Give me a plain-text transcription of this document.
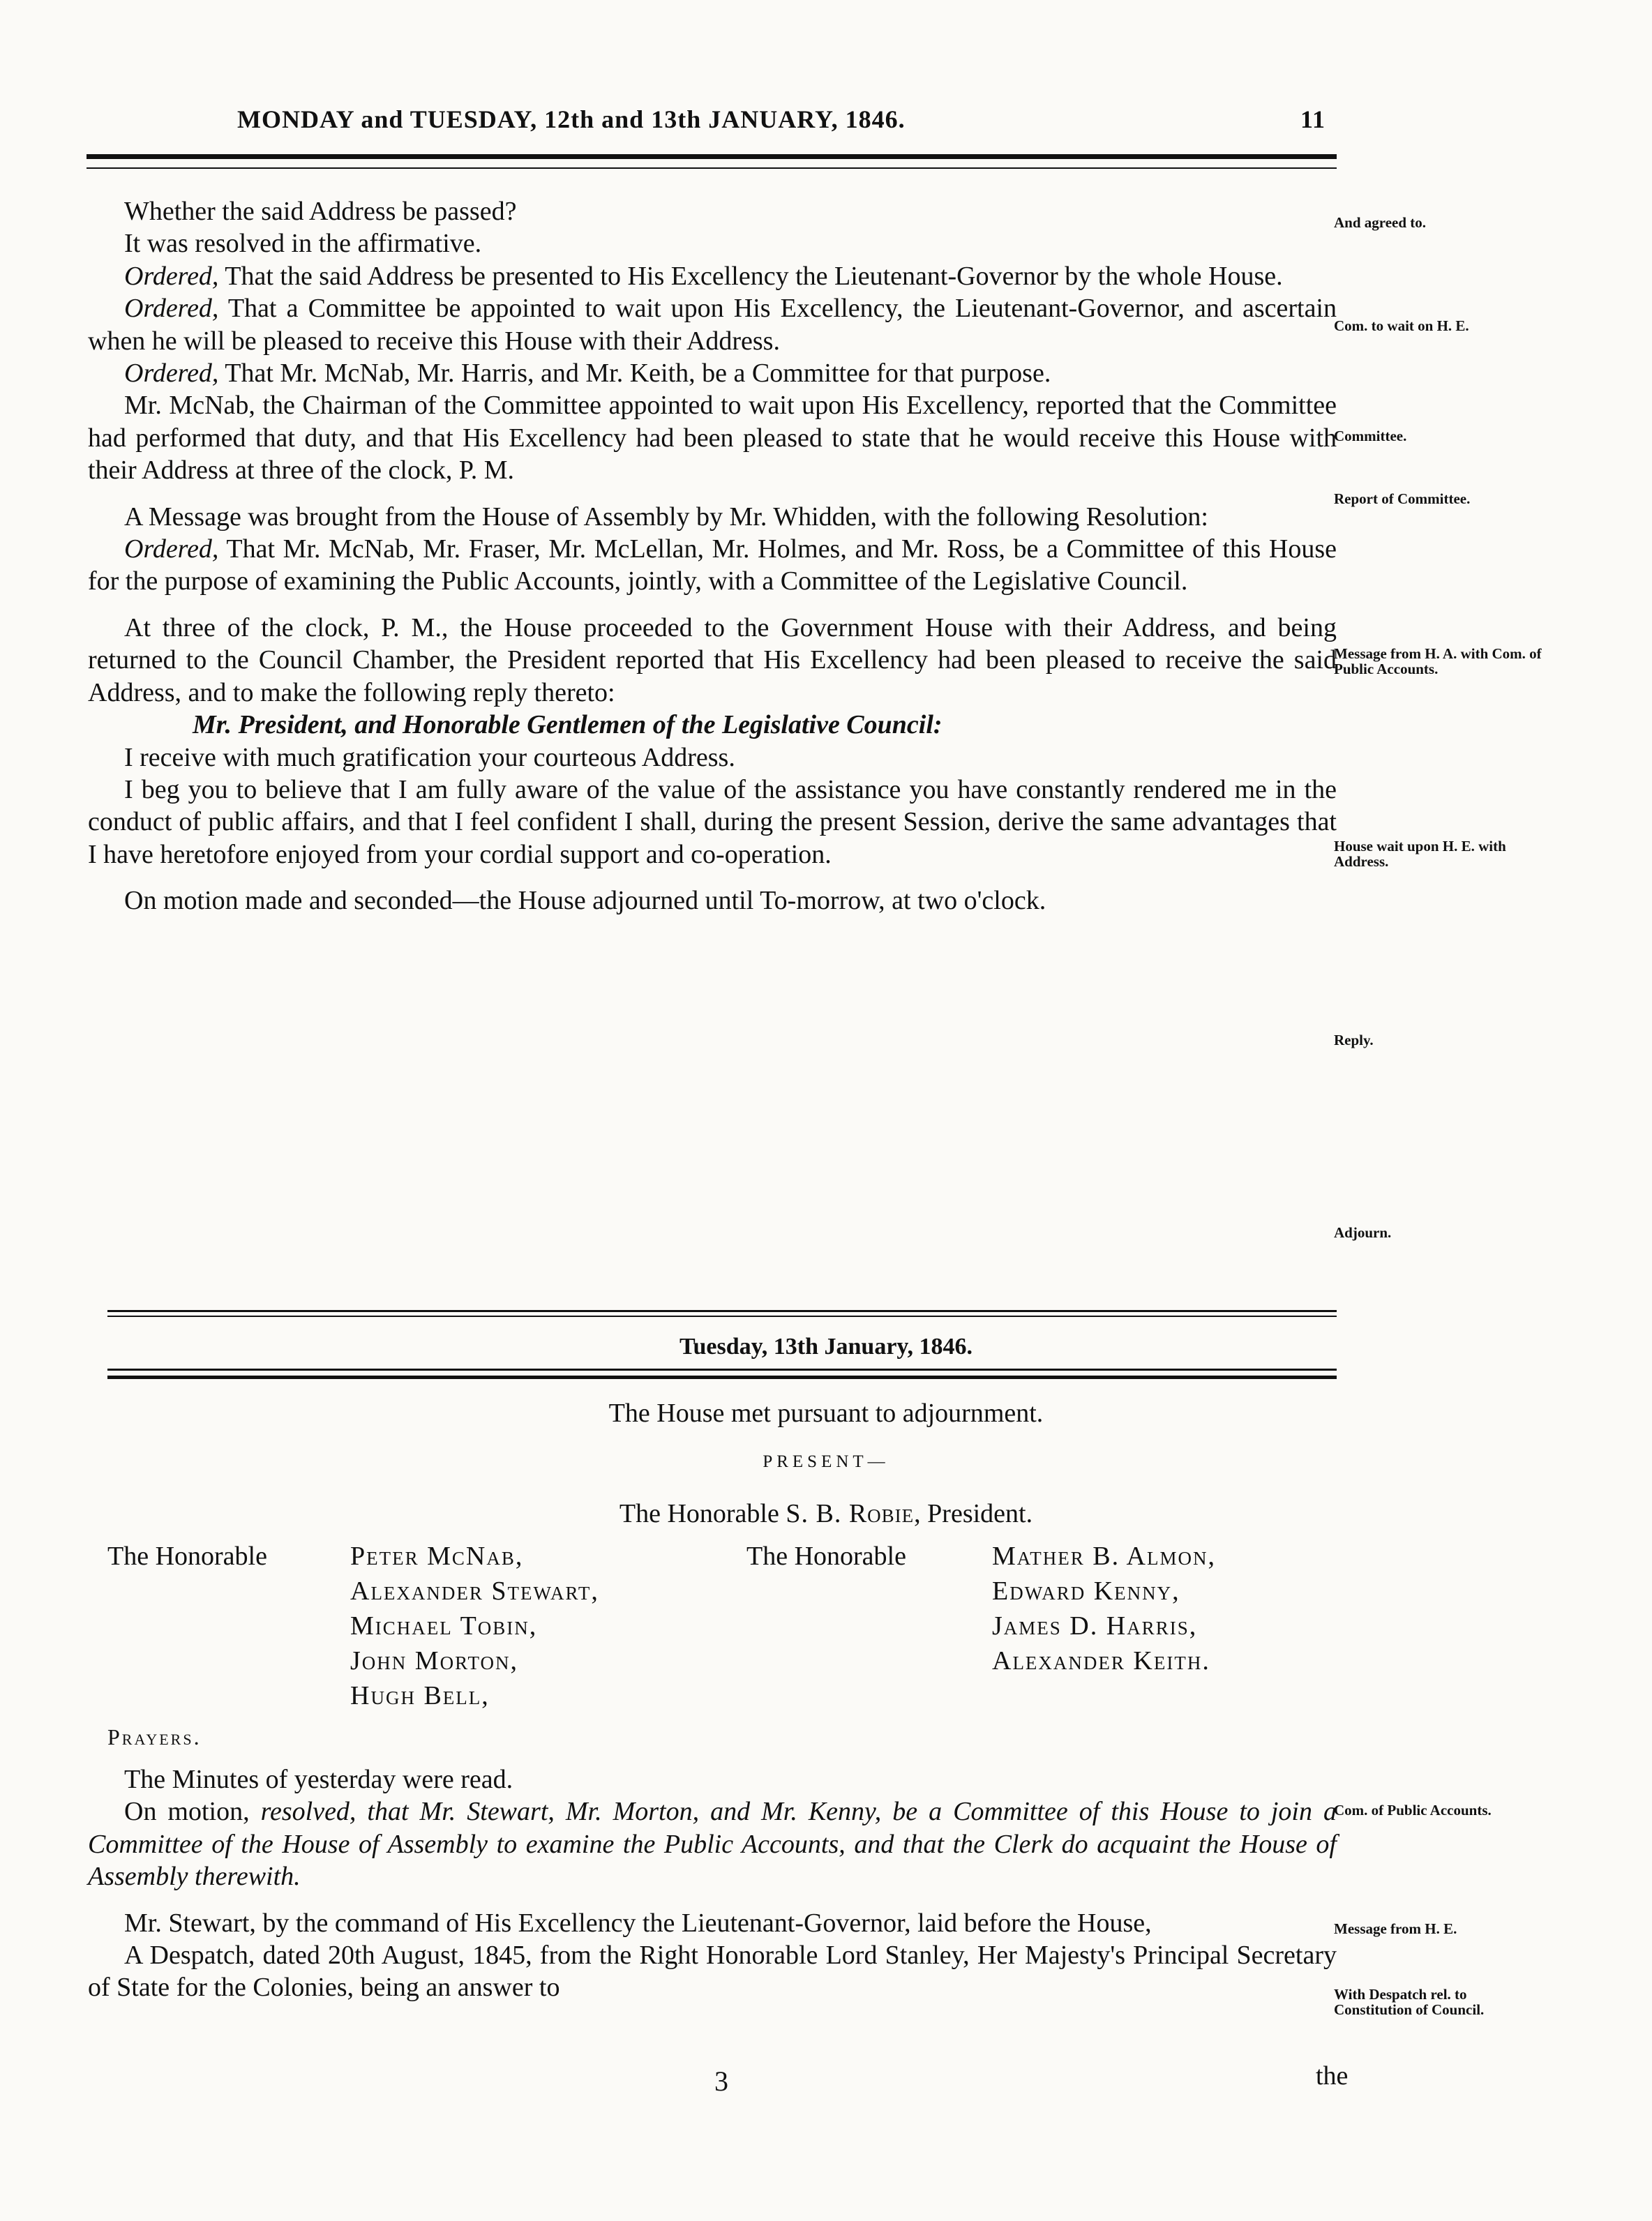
MONDAY and TUESDAY, 12th and 13th JANUARY, 1846.	11

Whether the said Address be passed?

It was resolved in the affirmative.

Ordered, That the said Address be presented to His Excellency the Lieutenant-Governor by the whole House.

Ordered, That a Committee be appointed to wait upon His Excellency, the Lieutenant-Governor, and ascertain when he will be pleased to receive this House with their Address.

Ordered, That Mr. McNab, Mr. Harris, and Mr. Keith, be a Committee for that purpose.

Mr. McNab, the Chairman of the Committee appointed to wait upon His Excellency, reported that the Committee had performed that duty, and that His Excellency had been pleased to state that he would receive this House with their Address at three of the clock, P. M.

A Message was brought from the House of Assembly by Mr. Whidden, with the following Resolution:

Ordered, That Mr. McNab, Mr. Fraser, Mr. McLellan, Mr. Holmes, and Mr. Ross, be a Committee of this House for the purpose of examining the Public Accounts, jointly, with a Committee of the Legislative Council.

At three of the clock, P. M., the House proceeded to the Government House with their Address, and being returned to the Council Chamber, the President reported that His Excellency had been pleased to receive the said Address, and to make the following reply thereto:

Mr. President, and Honorable Gentlemen of the Legislative Council:

I receive with much gratification your courteous Address.

I beg you to believe that I am fully aware of the value of the assistance you have constantly rendered me in the conduct of public affairs, and that I feel confident I shall, during the present Session, derive the same advantages that I have heretofore enjoyed from your cordial support and co-operation.

On motion made and seconded—the House adjourned until To-morrow, at two o'clock.

Tuesday, 13th January, 1846.
The House met pursuant to adjournment.
PRESENT—
The Honorable S. B. Robie, President.
The Honorable	Peter McNab,
Alexander Stewart,
Michael Tobin,
John Morton,
Hugh Bell,
The Honorable	Mather B. Almon,
Edward Kenny,
James D. Harris,
Alexander Keith.
Prayers.

The Minutes of yesterday were read.

On motion, resolved, that Mr. Stewart, Mr. Morton, and Mr. Kenny, be a Committee of this House to join a Committee of the House of Assembly to examine the Public Accounts, and that the Clerk do acquaint the House of Assembly therewith.

Mr. Stewart, by the command of His Excellency the Lieutenant-Governor, laid before the House,

A Despatch, dated 20th August, 1845, from the Right Honorable Lord Stanley, Her Majesty's Principal Secretary of State for the Colonies, being an answer to

And agreed to.
Com. to wait on H. E.
Committee.
Report of Committee.
Message from H. A. with Com. of Public Accounts.
House wait upon H. E. with Address.
Reply.
Adjourn.
Com. of Public Accounts.
Message from H. E.
With Despatch rel. to Constitution of Council.
3	the
